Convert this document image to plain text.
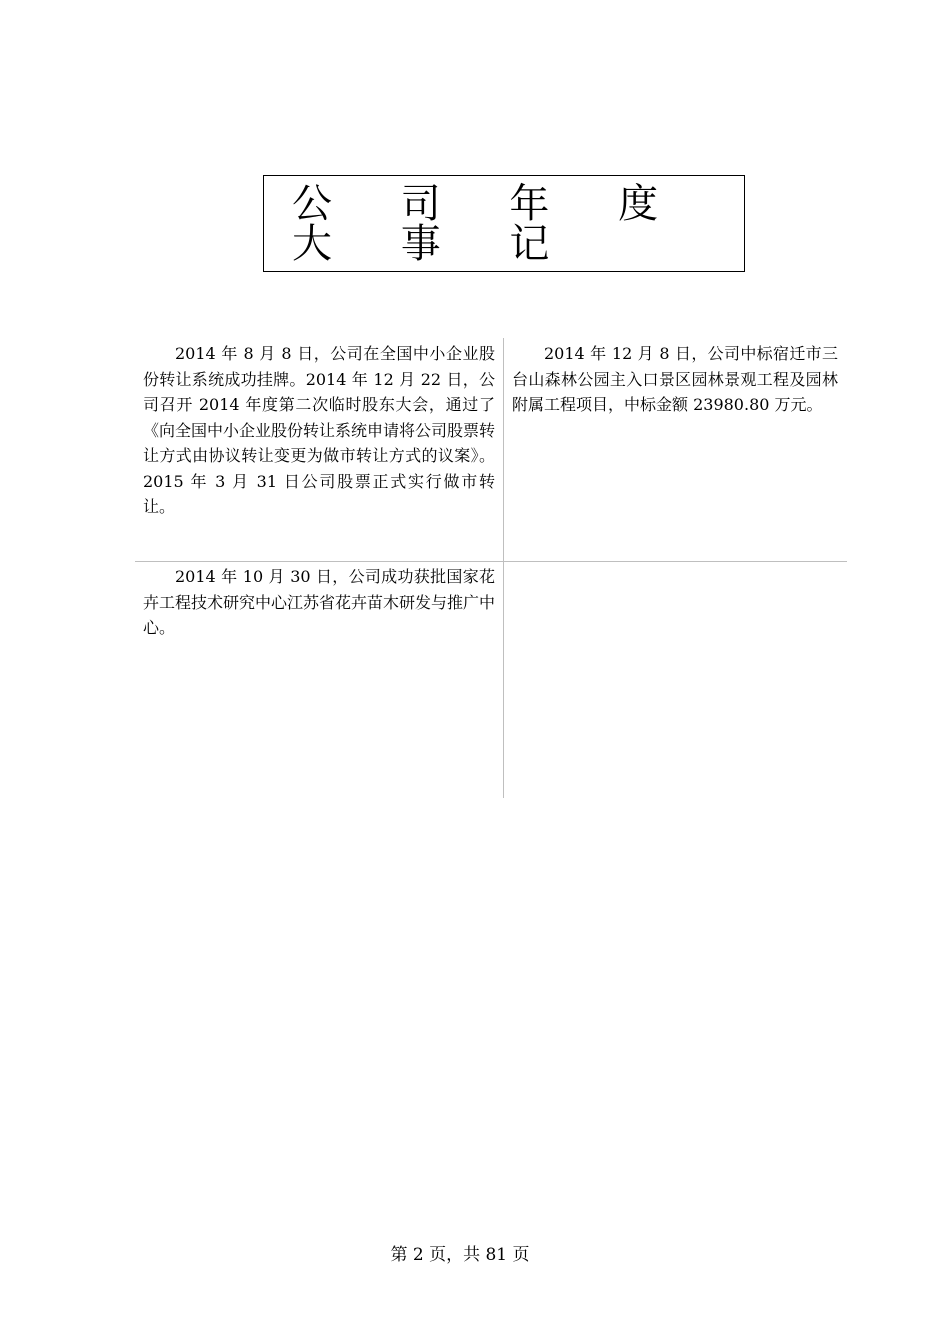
公 司 年 度 大 事 记

2014 年 8 月 8 日，公司在全国中小企业股份转让系统成功挂牌。2014 年 12 月 22 日，公司召开 2014 年度第二次临时股东大会，通过了《向全国中小企业股份转让系统申请将公司股票转让方式由协议转让变更为做市转让方式的议案》。2015 年 3 月 31 日公司股票正式实行做市转让。

2014 年 12 月 8 日，公司中标宿迁市三台山森林公园主入口景区园林景观工程及园林附属工程项目，中标金额 23980.80 万元。

2014 年 10 月 30 日，公司成功获批国家花卉工程技术研究中心江苏省花卉苗木研发与推广中心。

第 2 页，共 81 页
